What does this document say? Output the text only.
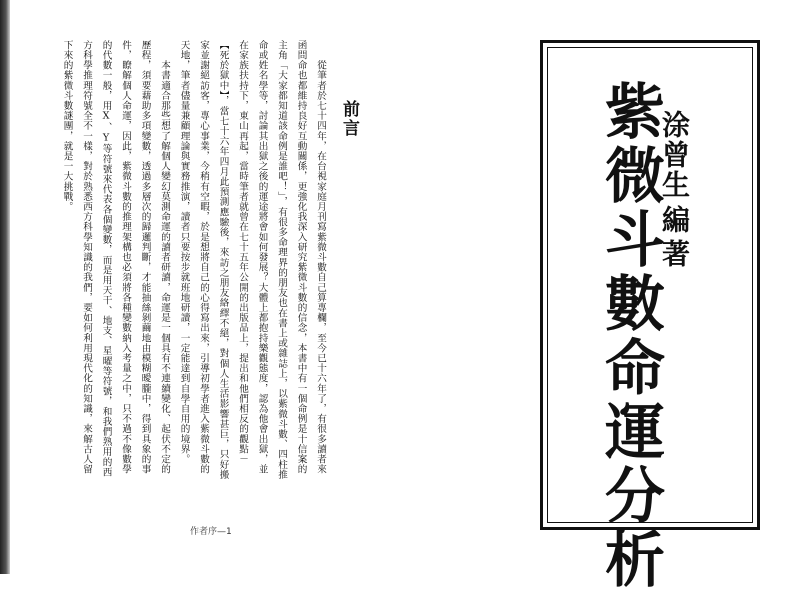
前言
　　從筆者於七十四年，在台視家庭月刊寫紫微斗數自己算專欄，至今已十六年了，有很多讀者來函問命也都維持良好互動關係，更強化我深入研究紫微斗數的信念，本書中有一個命例是十信案的主角「大家都知道該命例是誰吧！」，有很多命理界的朋友也在書上或雜誌上，以紫微斗數、四柱推命或姓名學等，討論其出獄之後的運途將會如何發展？大體上都抱持樂觀態度，認為他會出獄，並在家族扶持下，東山再起，當時筆者就曾在七十五年公開的出版品上，提出和他們相反的觀點－【死於獄中】，當七十六年四月此預測應驗後，來訪之朋友絡繹不絕，對個人生活影響甚巨，只好搬家並謝絕訪客，專心事業，今稍有空暇，於是想將自己的心得寫出來，引導初學者進入紫微斗數的天地，筆者儘量兼顧理論與實務推演，讀者只要按步就班地研讀，一定能達到自學自用的境界。
　　本書適合那些想了解個人變幻莫測命運的讀者研讀，命運是一個具有不連續變化、起伏不定的歷程，須要藉助多項變數，透過多層次的歸邏判斷，才能抽絲剝繭地由模糊曖朧中，得到具象的事件，瞭解個人命運，因此，紫微斗數的推理架構也必須將各種變數納入考量之中，只不過不像數學的代數一般，用X、Y等符號來代表各個變數，而是用天干、地支、星曜等符號，和我們熟用的西方科學推理符號全不一樣，對於熟悉西方科學知識的我們，要如何利用現代化的知識，來解古人留下來的紫微斗數謎團，就是一大挑戰。
作者序—1	紫微斗數命運分析
涂曾生
編著
